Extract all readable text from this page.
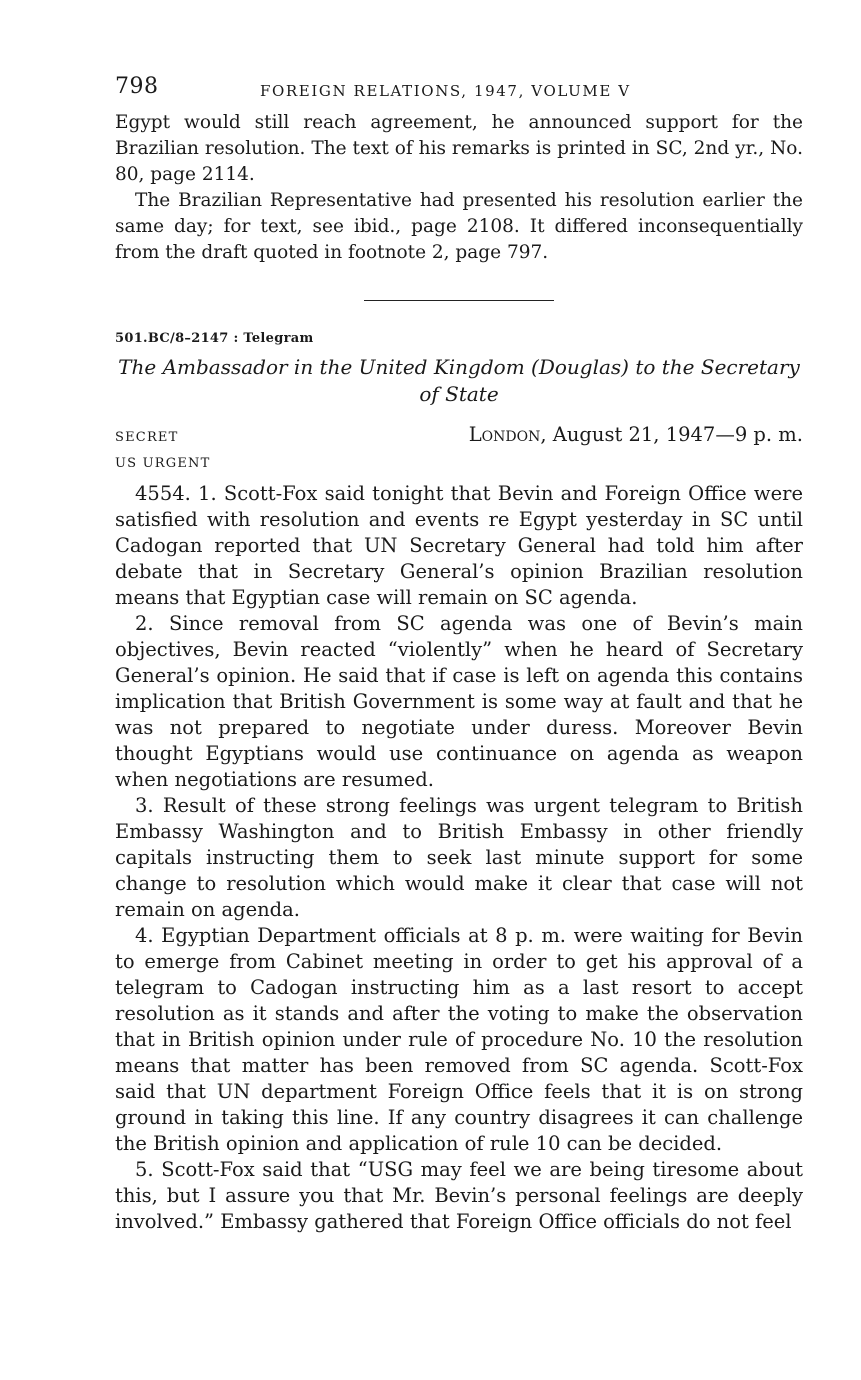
798	FOREIGN RELATIONS, 1947, VOLUME V

Egypt would still reach agreement, he announced support for the Brazilian resolution. The text of his remarks is printed in SC, 2nd yr., No. 80, page 2114.

The Brazilian Representative had presented his resolution earlier the same day; for text, see ibid., page 2108. It differed inconsequentially from the draft quoted in footnote 2, page 797.

501.BC/8–2147 : Telegram
The Ambassador in the United Kingdom (Douglas) to the Secretary of State
SECRET	London, August 21, 1947—9 p. m.
US URGENT

4554. 1. Scott-Fox said tonight that Bevin and Foreign Office were satisfied with resolution and events re Egypt yesterday in SC until Cadogan reported that UN Secretary General had told him after debate that in Secretary General’s opinion Brazilian resolution means that Egyptian case will remain on SC agenda.

2. Since removal from SC agenda was one of Bevin’s main objectives, Bevin reacted “violently” when he heard of Secretary General’s opinion. He said that if case is left on agenda this contains implication that British Government is some way at fault and that he was not prepared to negotiate under duress. Moreover Bevin thought Egyptians would use continuance on agenda as weapon when negotiations are resumed.

3. Result of these strong feelings was urgent telegram to British Embassy Washington and to British Embassy in other friendly capitals instructing them to seek last minute support for some change to resolution which would make it clear that case will not remain on agenda.

4. Egyptian Department officials at 8 p. m. were waiting for Bevin to emerge from Cabinet meeting in order to get his approval of a telegram to Cadogan instructing him as a last resort to accept resolution as it stands and after the voting to make the observation that in British opinion under rule of procedure No. 10 the resolution means that matter has been removed from SC agenda. Scott-Fox said that UN department Foreign Office feels that it is on strong ground in taking this line. If any country disagrees it can challenge the British opinion and application of rule 10 can be decided.

5. Scott-Fox said that “USG may feel we are being tiresome about this, but I assure you that Mr. Bevin’s personal feelings are deeply involved.” Embassy gathered that Foreign Office officials do not feel
